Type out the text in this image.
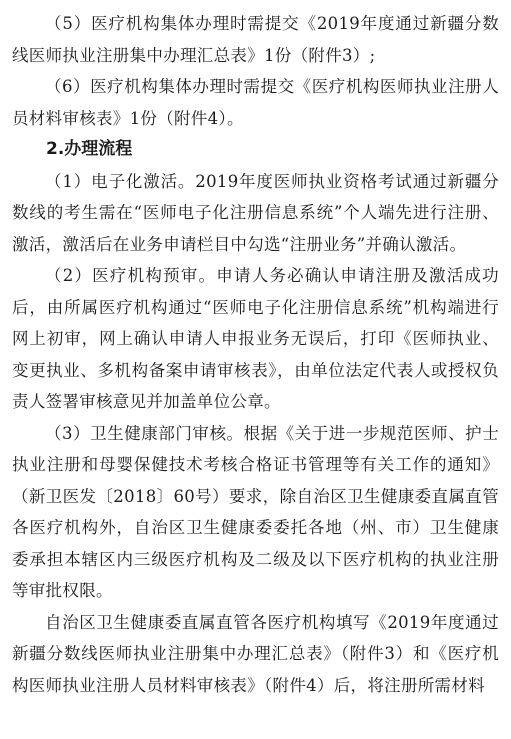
（5）医疗机构集体办理时需提交《2019年度通过新疆分数线医师执业注册集中办理汇总表》1份（附件3）;

（6）医疗机构集体办理时需提交《医疗机构医师执业注册人员材料审核表》1份（附件4）。

2.办理流程

（1）电子化激活。2019年度医师执业资格考试通过新疆分数线的考生需在“医师电子化注册信息系统”个人端先进行注册、激活，激活后在业务申请栏目中勾选“注册业务”并确认激活。

（2）医疗机构预审。申请人务必确认申请注册及激活成功后，由所属医疗机构通过“医师电子化注册信息系统”机构端进行网上初审，网上确认申请人申报业务无误后，打印《医师执业、变更执业、多机构备案申请审核表》，由单位法定代表人或授权负责人签署审核意见并加盖单位公章。

（3）卫生健康部门审核。根据《关于进一步规范医师、护士执业注册和母婴保健技术考核合格证书管理等有关工作的通知》（新卫医发〔2018〕60号）要求，除自治区卫生健康委直属直管各医疗机构外，自治区卫生健康委委托各地（州、市）卫生健康委承担本辖区内三级医疗机构及二级及以下医疗机构的执业注册等审批权限。

自治区卫生健康委直属直管各医疗机构填写《2019年度通过新疆分数线医师执业注册集中办理汇总表》（附件3）和《医疗机构医师执业注册人员材料审核表》（附件4）后，将注册所需材料
